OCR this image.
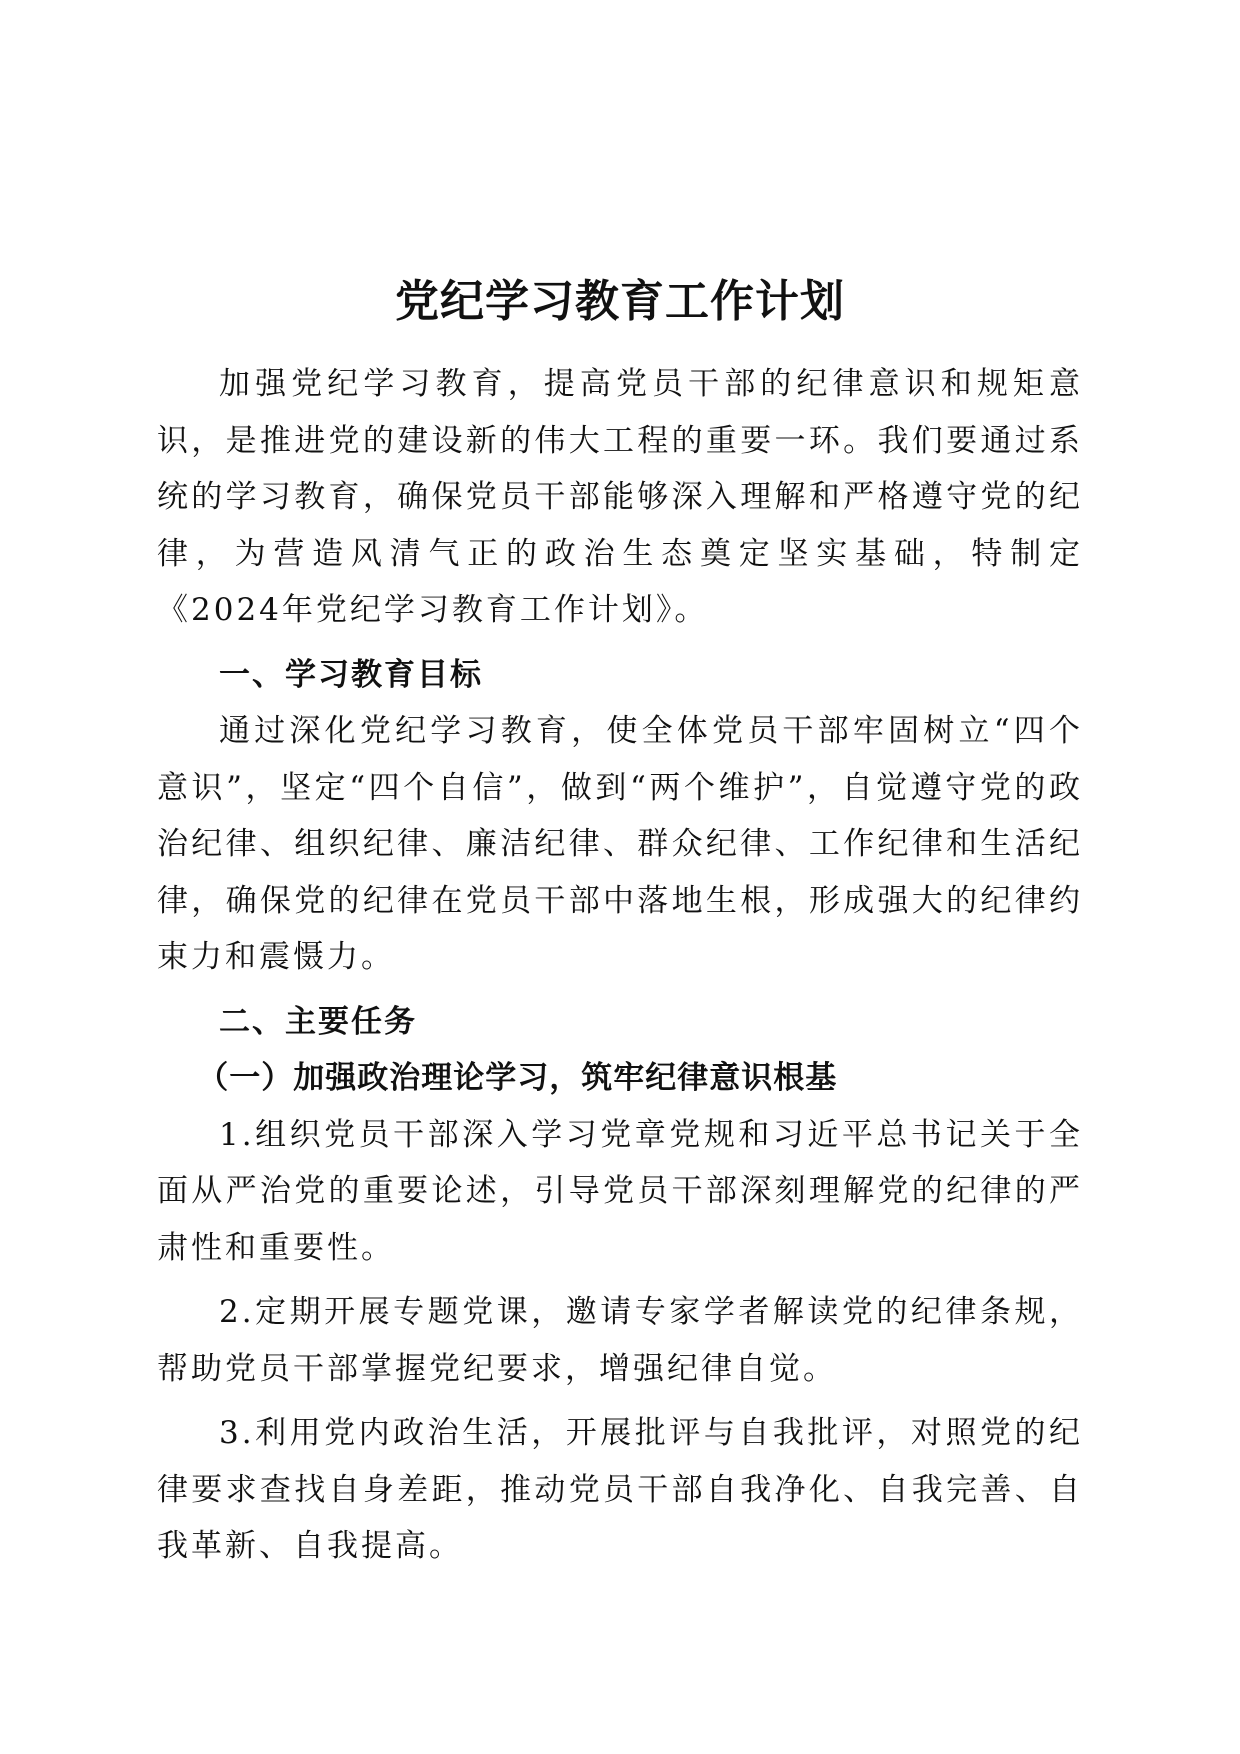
党纪学习教育工作计划

加强党纪学习教育，提高党员干部的纪律意识和规矩意识，是推进党的建设新的伟大工程的重要一环。我们要通过系统的学习教育，确保党员干部能够深入理解和严格遵守党的纪律，为营造风清气正的政治生态奠定坚实基础，特制定《2024年党纪学习教育工作计划》。

一、学习教育目标

通过深化党纪学习教育，使全体党员干部牢固树立“四个意识”，坚定“四个自信”，做到“两个维护”，自觉遵守党的政治纪律、组织纪律、廉洁纪律、群众纪律、工作纪律和生活纪律，确保党的纪律在党员干部中落地生根，形成强大的纪律约束力和震慑力。

二、主要任务

（一）加强政治理论学习，筑牢纪律意识根基

1.组织党员干部深入学习党章党规和习近平总书记关于全面从严治党的重要论述，引导党员干部深刻理解党的纪律的严肃性和重要性。

2.定期开展专题党课，邀请专家学者解读党的纪律条规，帮助党员干部掌握党纪要求，增强纪律自觉。

3.利用党内政治生活，开展批评与自我批评，对照党的纪律要求查找自身差距，推动党员干部自我净化、自我完善、自我革新、自我提高。
